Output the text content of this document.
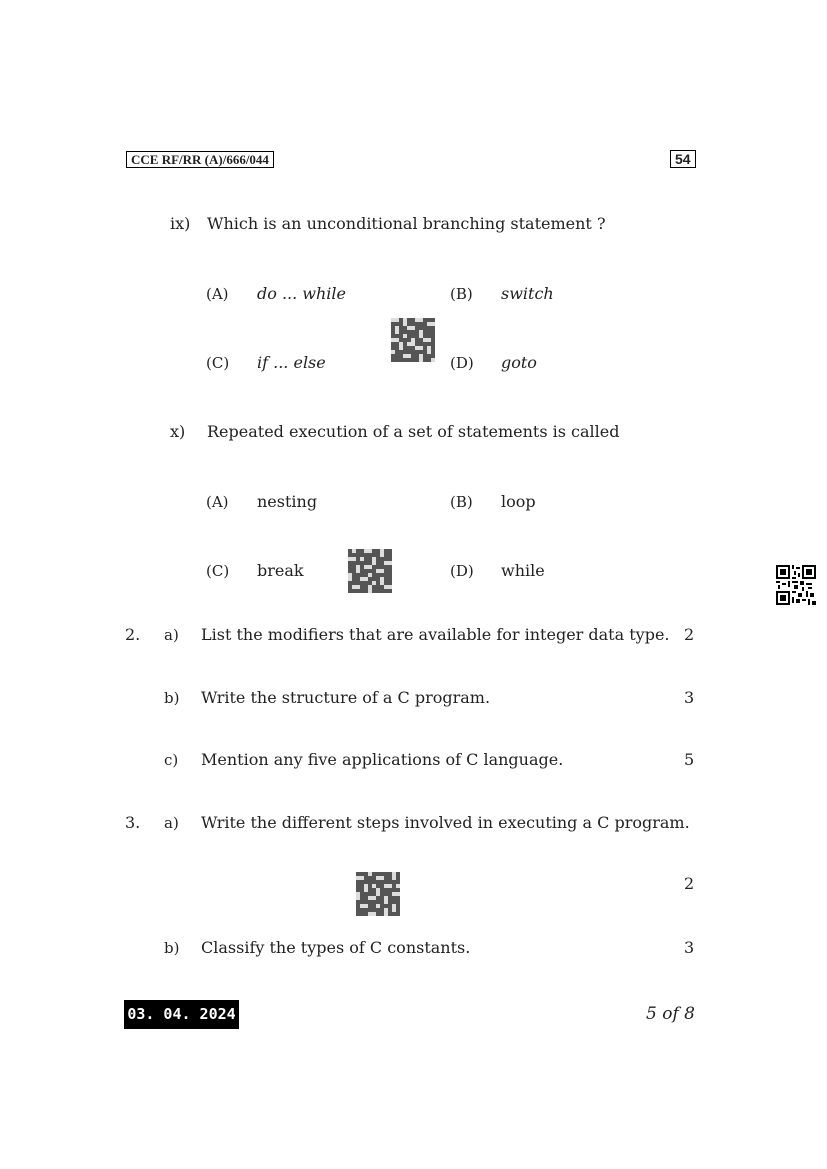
CCE RF/RR (A)/666/044	54
ix) Which is an unconditional branching statement ?
(A) do ... while	(B) switch
(C) if ... else	(D) goto
x) Repeated execution of a set of statements is called
(A) nesting	(B) loop
(C) break	(D) while
2. a) List the modifiers that are available for integer data type. 2
b) Write the structure of a C program.	3
c) Mention any five applications of C language.	5
3. a) Write the different steps involved in executing a C program.
2
b) Classify the types of C constants.	3
03. 04. 2024	5 of 8
